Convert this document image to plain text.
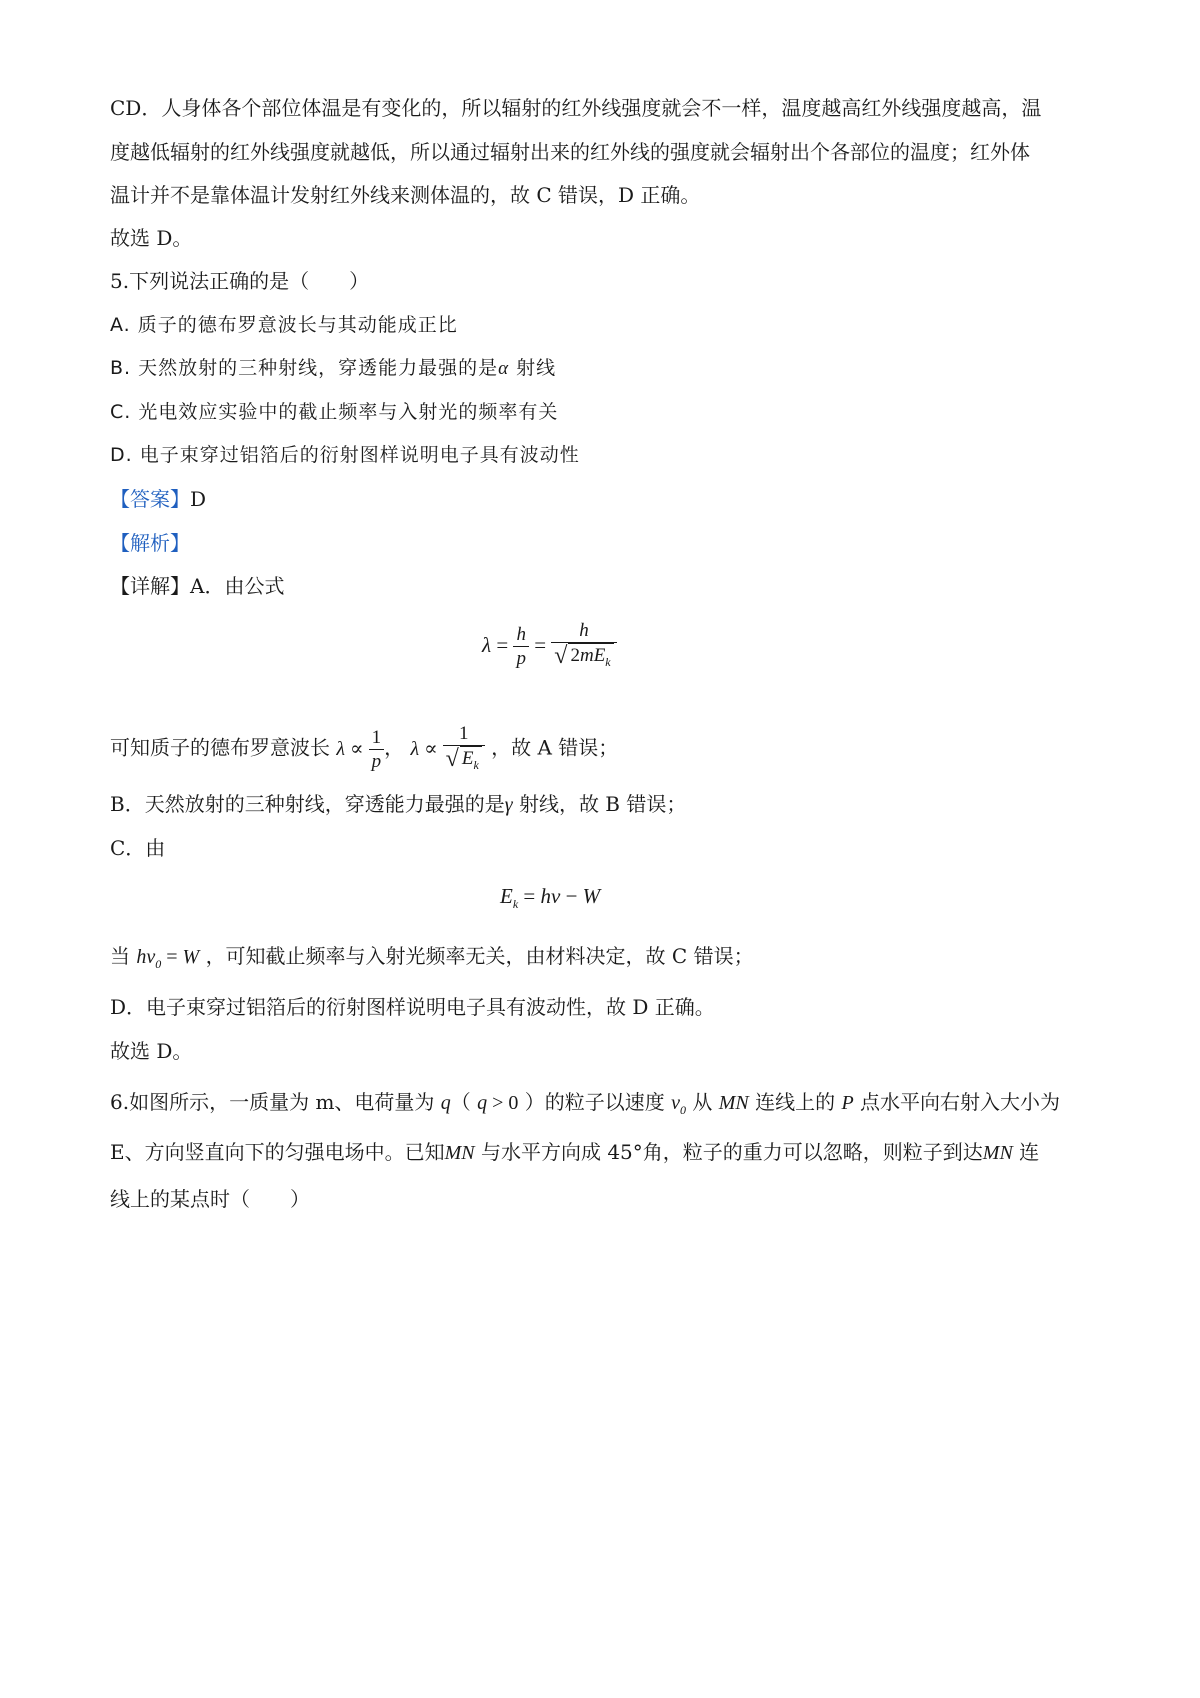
CD．人身体各个部位体温是有变化的，所以辐射的红外线强度就会不一样，温度越高红外线强度越高，温
度越低辐射的红外线强度就越低，所以通过辐射出来的红外线的强度就会辐射出个各部位的温度；红外体
温计并不是靠体温计发射红外线来测体温的，故 C 错误，D 正确。
故选 D。
5.下列说法正确的是（　　）
A. 质子的德布罗意波长与其动能成正比
B. 天然放射的三种射线，穿透能力最强的是α 射线
C. 光电效应实验中的截止频率与入射光的频率有关
D. 电子束穿过铝箔后的衍射图样说明电子具有波动性
【答案】D
【解析】
【详解】A．由公式
$\lambda = \frac{h}{p} = \frac{h}{√ 2mE_k}$
可知质子的德布罗意波长 $\lambda \propto \frac{1}{p}$ ， $\lambda \propto \frac{1}{√ E_k}$ ，故 A 错误；
B．天然放射的三种射线，穿透能力最强的是γ 射线，故 B 错误；
C．由
$E_k = h\nu - W$
当 $h\nu_0 = W$ ，可知截止频率与入射光频率无关，由材料决定，故 C 错误；
D．电子束穿过铝箔后的衍射图样说明电子具有波动性，故 D 正确。
故选 D。
6.如图所示，一质量为 m、电荷量为 q（ q > 0 ）的粒子以速度 $v_0$ 从 MN 连线上的 P 点水平向右射入大小为
E、方向竖直向下的匀强电场中。已知MN 与水平方向成 45°角，粒子的重力可以忽略，则粒子到达MN 连
线上的某点时（　　）
